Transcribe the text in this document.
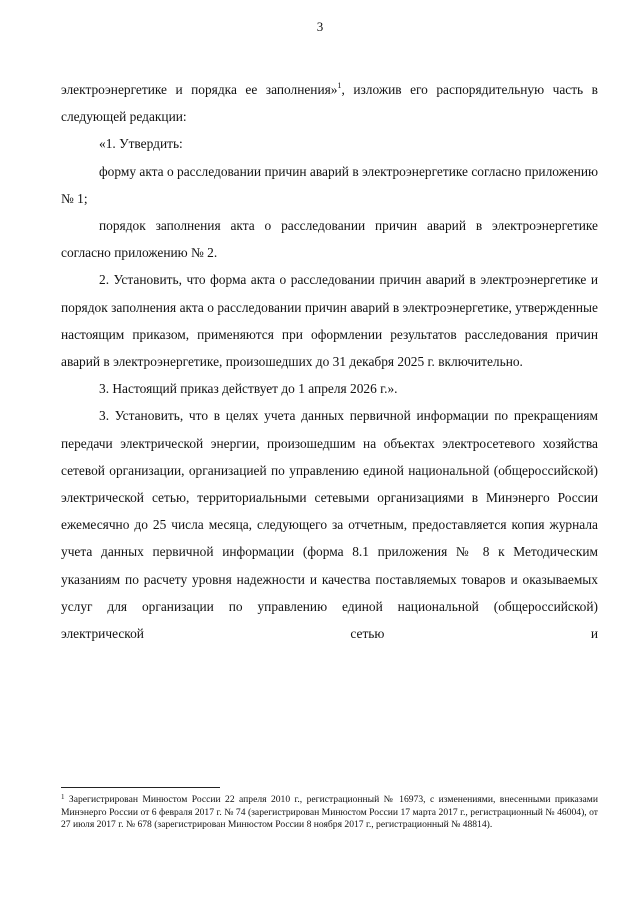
3

электроэнергетике и порядка ее заполнения»$^1$, изложив его распорядительную часть в следующей редакции:

«1. Утвердить:

форму акта о расследовании причин аварий в электроэнергетике согласно приложению № 1;

порядок заполнения акта о расследовании причин аварий в электроэнергетике согласно приложению № 2.

2. Установить, что форма акта о расследовании причин аварий в электроэнергетике и порядок заполнения акта о расследовании причин аварий в электроэнергетике, утвержденные настоящим приказом, применяются при оформлении результатов расследования причин аварий в электроэнергетике, произошедших до 31 декабря 2025 г. включительно.

3. Настоящий приказ действует до 1 апреля 2026 г.».

3. Установить, что в целях учета данных первичной информации по прекращениям передачи электрической энергии, произошедшим на объектах электросетевого хозяйства сетевой организации, организацией по управлению единой национальной (общероссийской) электрической сетью, территориальными сетевыми организациями в Минэнерго России ежемесячно до 25 числа месяца, следующего за отчетным, предоставляется копия журнала учета данных первичной информации (форма 8.1 приложения № 8 к Методическим указаниям по расчету уровня надежности и качества поставляемых товаров и оказываемых услуг для организации по управлению единой национальной (общероссийской) электрической сетью и

$^1$ Зарегистрирован Минюстом России 22 апреля 2010 г., регистрационный № 16973, с изменениями, внесенными приказами Минэнерго России от 6 февраля 2017 г. № 74 (зарегистрирован Минюстом России 17 марта 2017 г., регистрационный № 46004), от 27 июля 2017 г. № 678 (зарегистрирован Минюстом России 8 ноября 2017 г., регистрационный № 48814).
